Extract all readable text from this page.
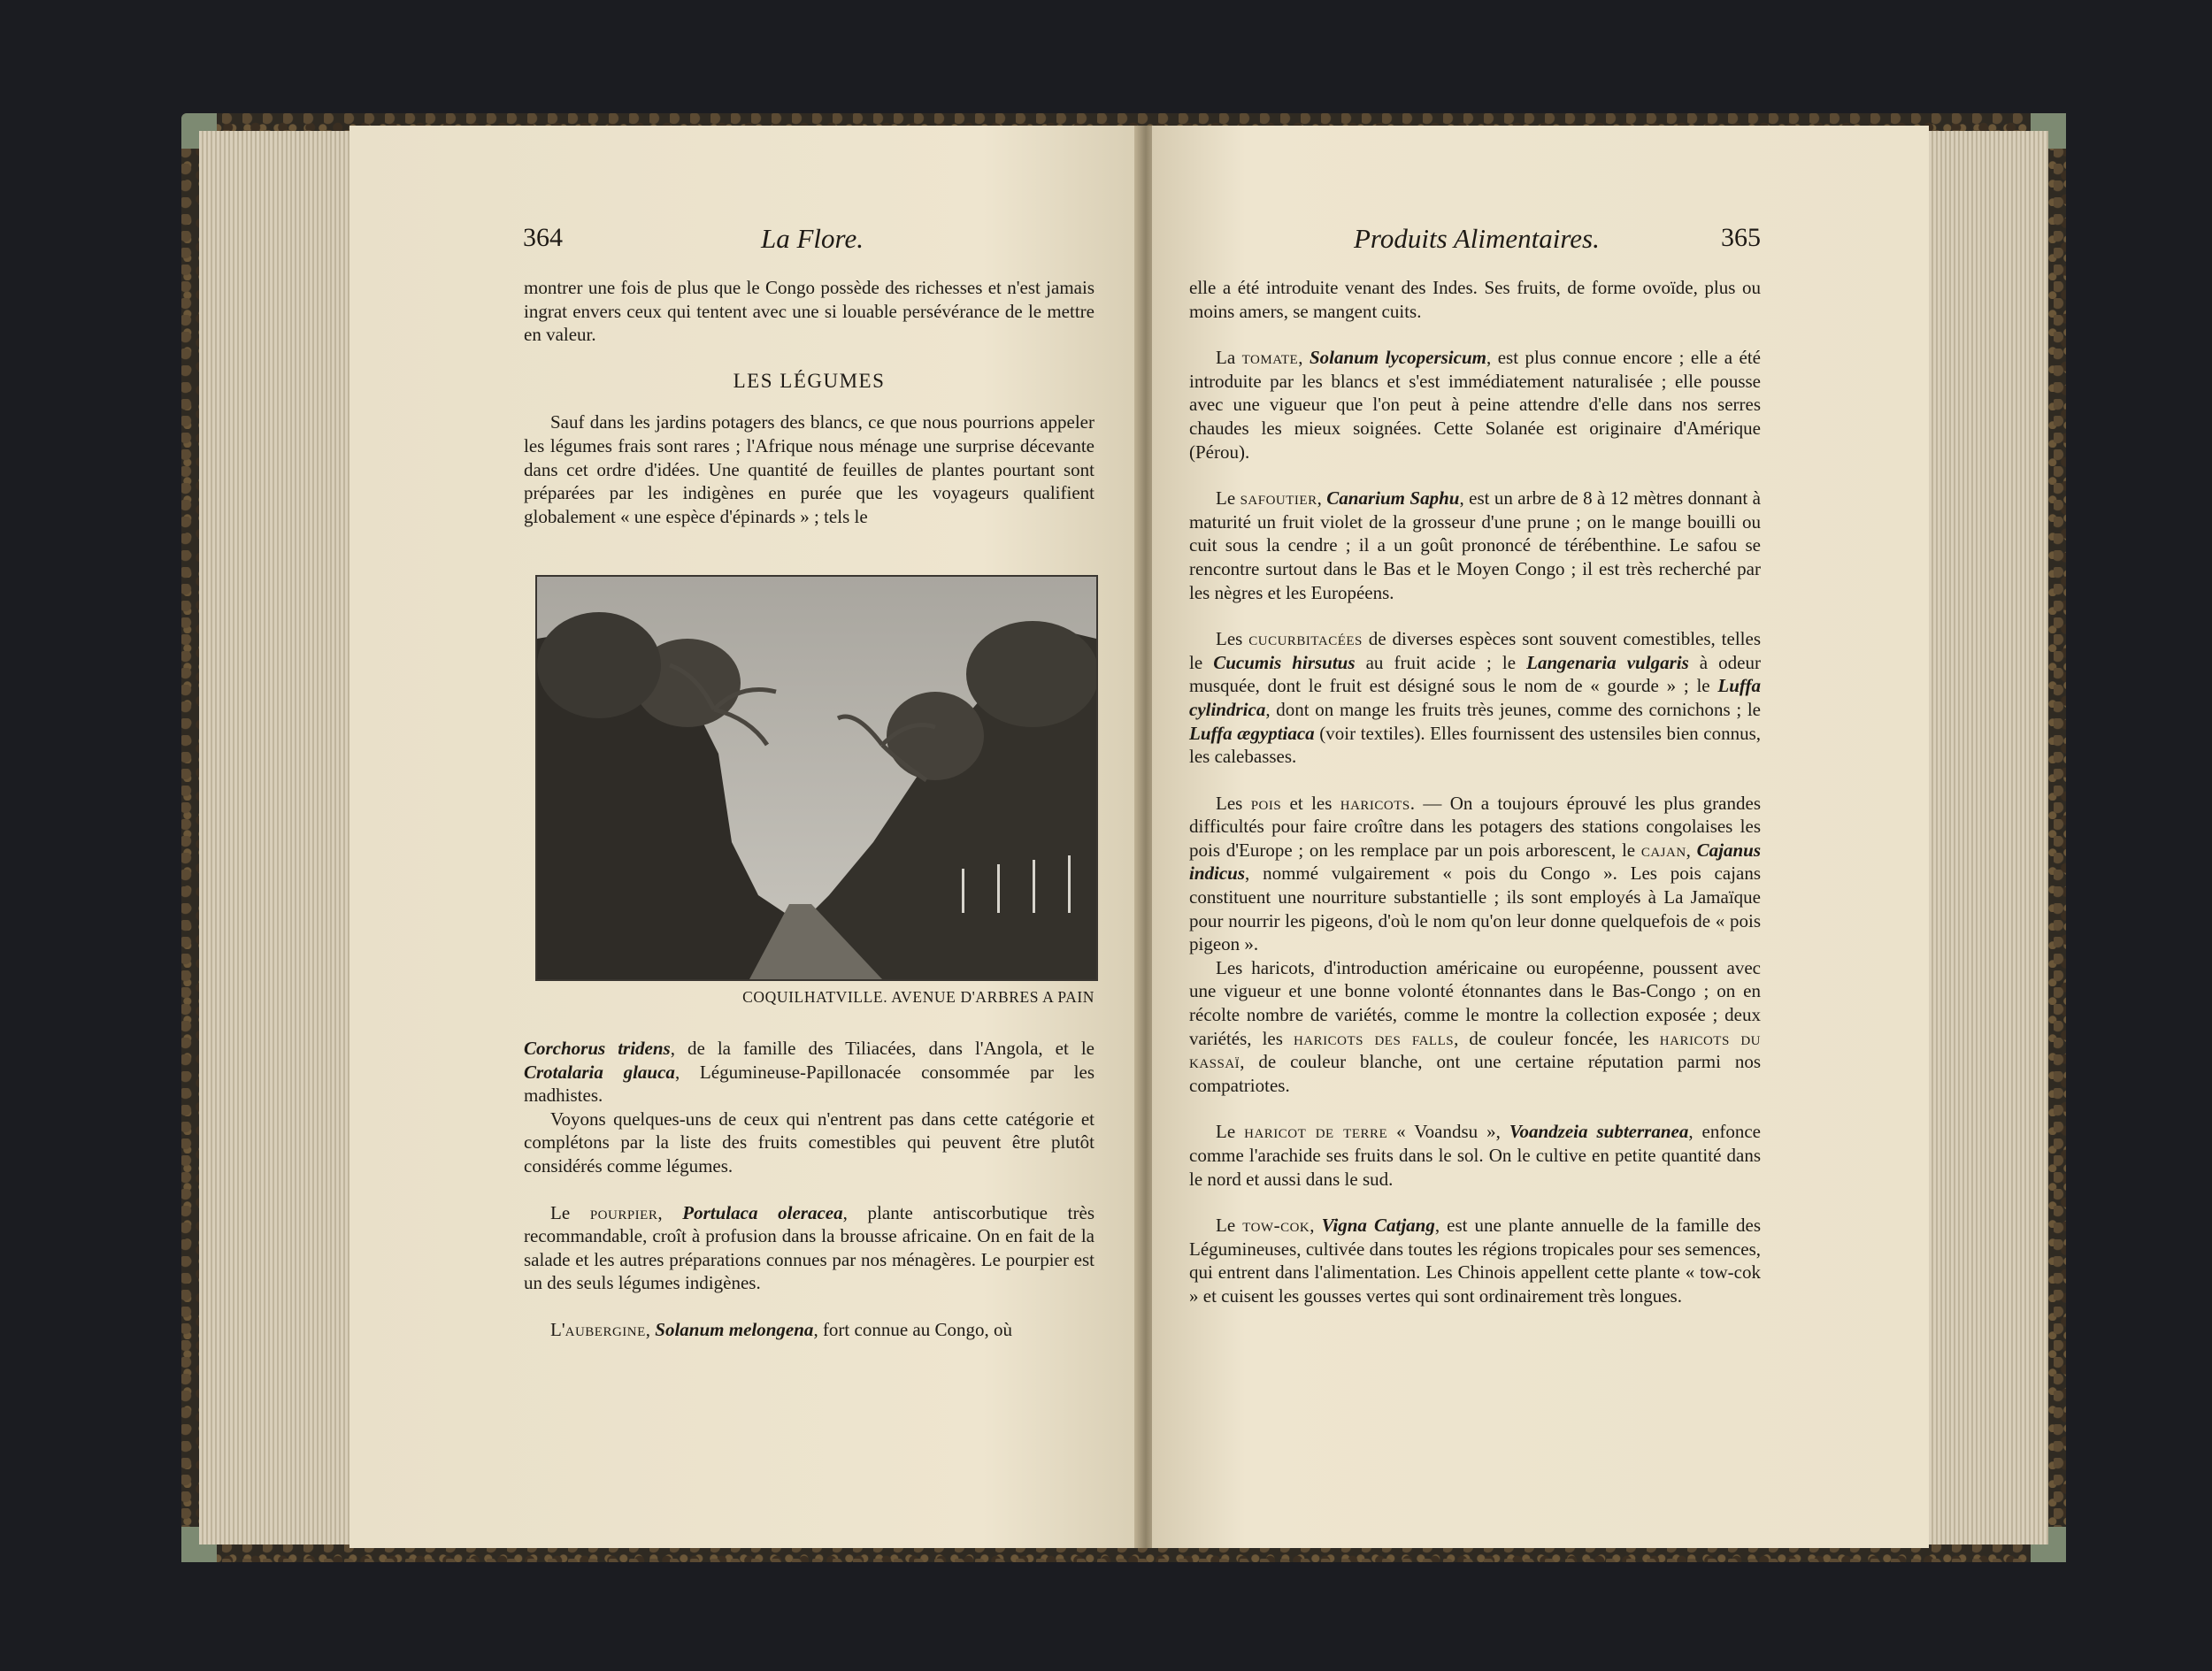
364	La Flore.

montrer une fois de plus que le Congo possède des richesses et n'est jamais ingrat envers ceux qui tentent avec une si louable persévérance de le mettre en valeur.

LES LÉGUMES

Sauf dans les jardins potagers des blancs, ce que nous pourrions appeler les légumes frais sont rares ; l'Afrique nous ménage une surprise décevante dans cet ordre d'idées. Une quantité de feuilles de plantes pourtant sont préparées par les indigènes en purée que les voyageurs qualifient globalement « une espèce d'épinards » ; tels le

COQUILHATVILLE. AVENUE D'ARBRES A PAIN

Corchorus tridens, de la famille des Tiliacées, dans l'Angola, et le Crotalaria glauca, Légumineuse-Papillonacée consommée par les madhistes.

Voyons quelques-uns de ceux qui n'entrent pas dans cette catégorie et complétons par la liste des fruits comestibles qui peuvent être plutôt considérés comme légumes.

Le pourpier, Portulaca oleracea, plante antiscorbutique très recommandable, croît à profusion dans la brousse africaine. On en fait de la salade et les autres préparations connues par nos ménagères. Le pourpier est un des seuls légumes indigènes.

L'aubergine, Solanum melongena, fort connue au Congo, où

Produits Alimentaires.	365

elle a été introduite venant des Indes. Ses fruits, de forme ovoïde, plus ou moins amers, se mangent cuits.

La tomate, Solanum lycopersicum, est plus connue encore ; elle a été introduite par les blancs et s'est immédiatement naturalisée ; elle pousse avec une vigueur que l'on peut à peine attendre d'elle dans nos serres chaudes les mieux soignées. Cette Solanée est originaire d'Amérique (Pérou).

Le safoutier, Canarium Saphu, est un arbre de 8 à 12 mètres donnant à maturité un fruit violet de la grosseur d'une prune ; on le mange bouilli ou cuit sous la cendre ; il a un goût prononcé de térébenthine. Le safou se rencontre surtout dans le Bas et le Moyen Congo ; il est très recherché par les nègres et les Européens.

Les cucurbitacées de diverses espèces sont souvent comestibles, telles le Cucumis hirsutus au fruit acide ; le Langenaria vulgaris à odeur musquée, dont le fruit est désigné sous le nom de « gourde » ; le Luffa cylindrica, dont on mange les fruits très jeunes, comme des cornichons ; le Luffa ægyptiaca (voir textiles). Elles fournissent des ustensiles bien connus, les calebasses.

Les pois et les haricots. — On a toujours éprouvé les plus grandes difficultés pour faire croître dans les potagers des stations congolaises les pois d'Europe ; on les remplace par un pois arborescent, le cajan, Cajanus indicus, nommé vulgairement « pois du Congo ». Les pois cajans constituent une nourriture substantielle ; ils sont employés à La Jamaïque pour nourrir les pigeons, d'où le nom qu'on leur donne quelquefois de « pois pigeon ».

Les haricots, d'introduction américaine ou européenne, poussent avec une vigueur et une bonne volonté étonnantes dans le Bas-Congo ; on en récolte nombre de variétés, comme le montre la collection exposée ; deux variétés, les haricots des falls, de couleur foncée, les haricots du kassaï, de couleur blanche, ont une certaine réputation parmi nos compatriotes.

Le haricot de terre « Voandsu », Voandzeia subterranea, enfonce comme l'arachide ses fruits dans le sol. On le cultive en petite quantité dans le nord et aussi dans le sud.

Le tow-cok, Vigna Catjang, est une plante annuelle de la famille des Légumineuses, cultivée dans toutes les régions tropicales pour ses semences, qui entrent dans l'alimentation. Les Chinois appellent cette plante « tow-cok » et cuisent les gousses vertes qui sont ordinairement très longues.
